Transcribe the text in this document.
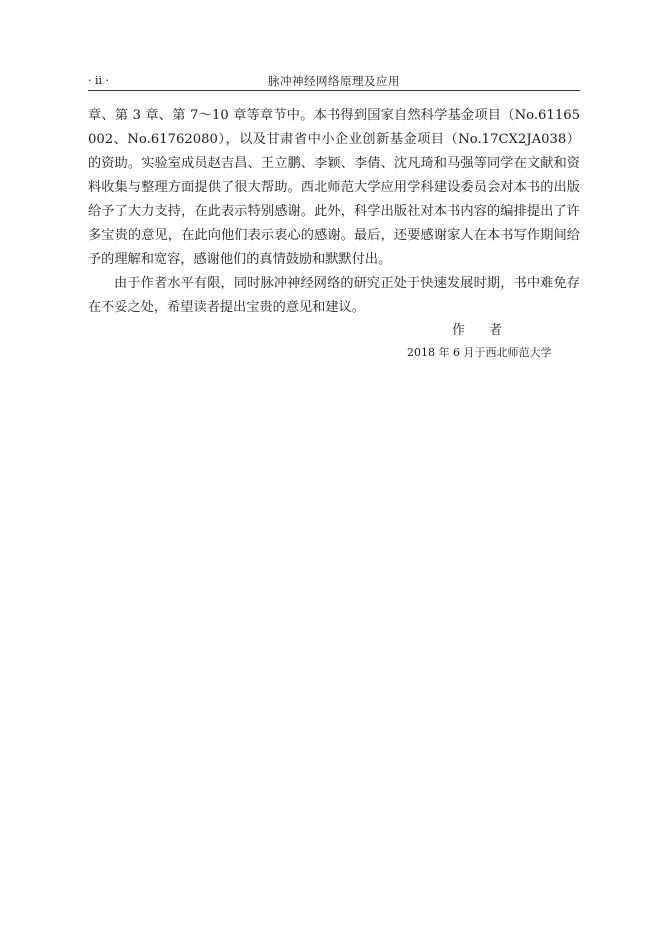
· ii ·	脉冲神经网络原理及应用

章、第 3 章、第 7～10 章等章节中。本书得到国家自然科学基金项目（No.61165002、No.61762080），以及甘肃省中小企业创新基金项目（No.17CX2JA038）的资助。实验室成员赵吉昌、王立鹏、李颖、李倩、沈凡琦和马强等同学在文献和资料收集与整理方面提供了很大帮助。西北师范大学应用学科建设委员会对本书的出版给予了大力支持，在此表示特别感谢。此外，科学出版社对本书内容的编排提出了许多宝贵的意见，在此向他们表示衷心的感谢。最后，还要感谢家人在本书写作期间给予的理解和宽容，感谢他们的真情鼓励和默默付出。

由于作者水平有限，同时脉冲神经网络的研究正处于快速发展时期，书中难免存在不妥之处，希望读者提出宝贵的意见和建议。

作者
2018 年 6 月于西北师范大学
